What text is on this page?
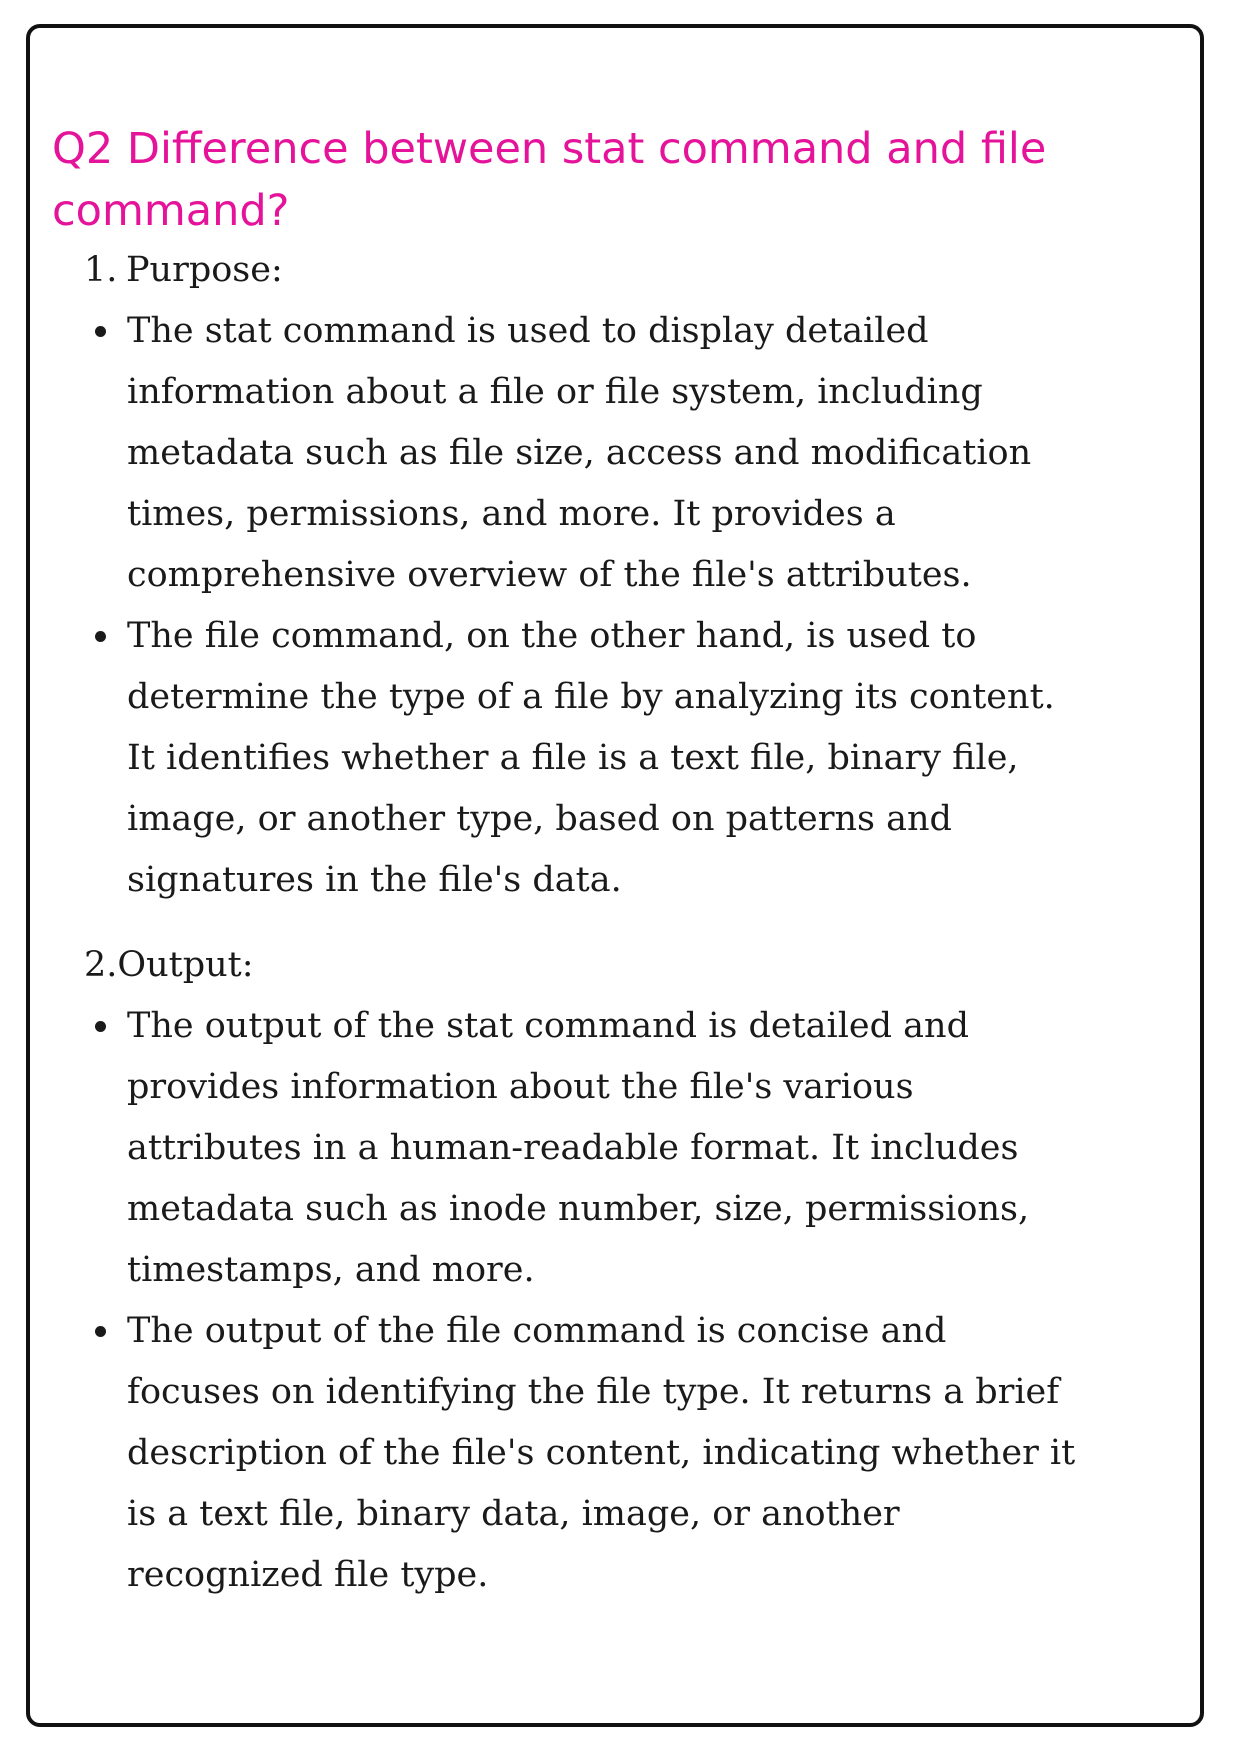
Q2 Difference between stat command and file command?
1. Purpose:
The stat command is used to display detailed information about a file or file system, including metadata such as file size, access and modification times, permissions, and more. It provides a comprehensive overview of the file's attributes.
The file command, on the other hand, is used to determine the type of a file by analyzing its content. It identifies whether a file is a text file, binary file, image, or another type, based on patterns and signatures in the file's data.
2.Output:
The output of the stat command is detailed and provides information about the file's various attributes in a human-readable format. It includes metadata such as inode number, size, permissions, timestamps, and more.
The output of the file command is concise and focuses on identifying the file type. It returns a brief description of the file's content, indicating whether it is a text file, binary data, image, or another recognized file type.
